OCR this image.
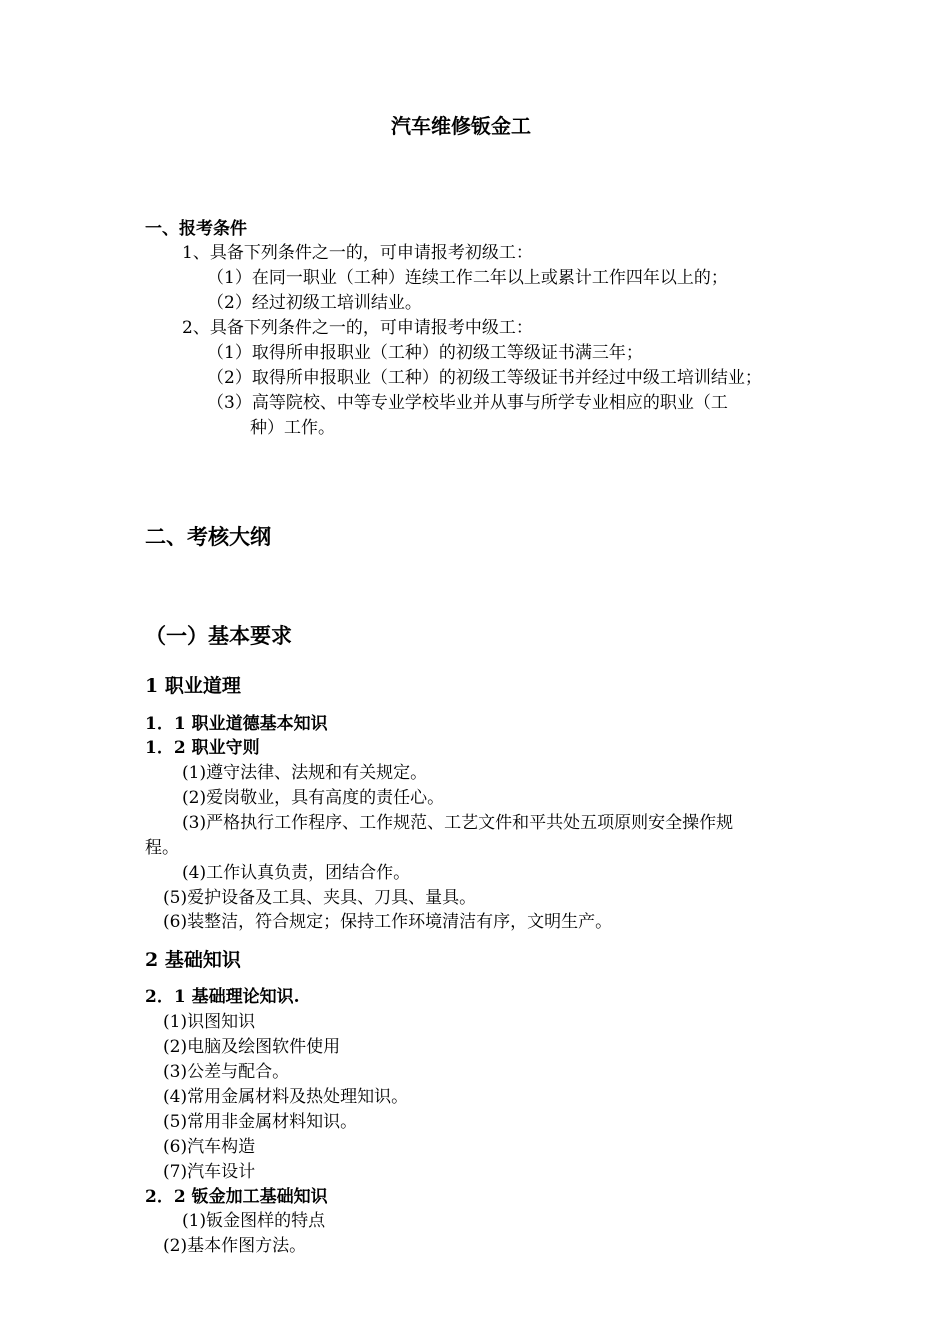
汽车维修钣金工
一、报考条件
1、具备下列条件之一的，可申请报考初级工：
（1）在同一职业（工种）连续工作二年以上或累计工作四年以上的；
（2）经过初级工培训结业。
2、具备下列条件之一的，可申请报考中级工：
（1）取得所申报职业（工种）的初级工等级证书满三年；
（2）取得所申报职业（工种）的初级工等级证书并经过中级工培训结业；
（3）高等院校、中等专业学校毕业并从事与所学专业相应的职业（工
种）工作。
二、考核大纲
（一）基本要求
1 职业道理
1．1 职业道德基本知识
1．2 职业守则
(1)遵守法律、法规和有关规定。
(2)爱岗敬业，具有高度的责任心。
(3)严格执行工作程序、工作规范、工艺文件和平共处五项原则安全操作规
程。
(4)工作认真负责，团结合作。
(5)爱护设备及工具、夹具、刀具、量具。
(6)装整洁，符合规定；保持工作环境清洁有序，文明生产。
2 基础知识
2．1 基础理论知识.
(1)识图知识
(2)电脑及绘图软件使用
(3)公差与配合。
(4)常用金属材料及热处理知识。
(5)常用非金属材料知识。
(6)汽车构造
(7)汽车设计
2．2 钣金加工基础知识
(1)钣金图样的特点
(2)基本作图方法。
